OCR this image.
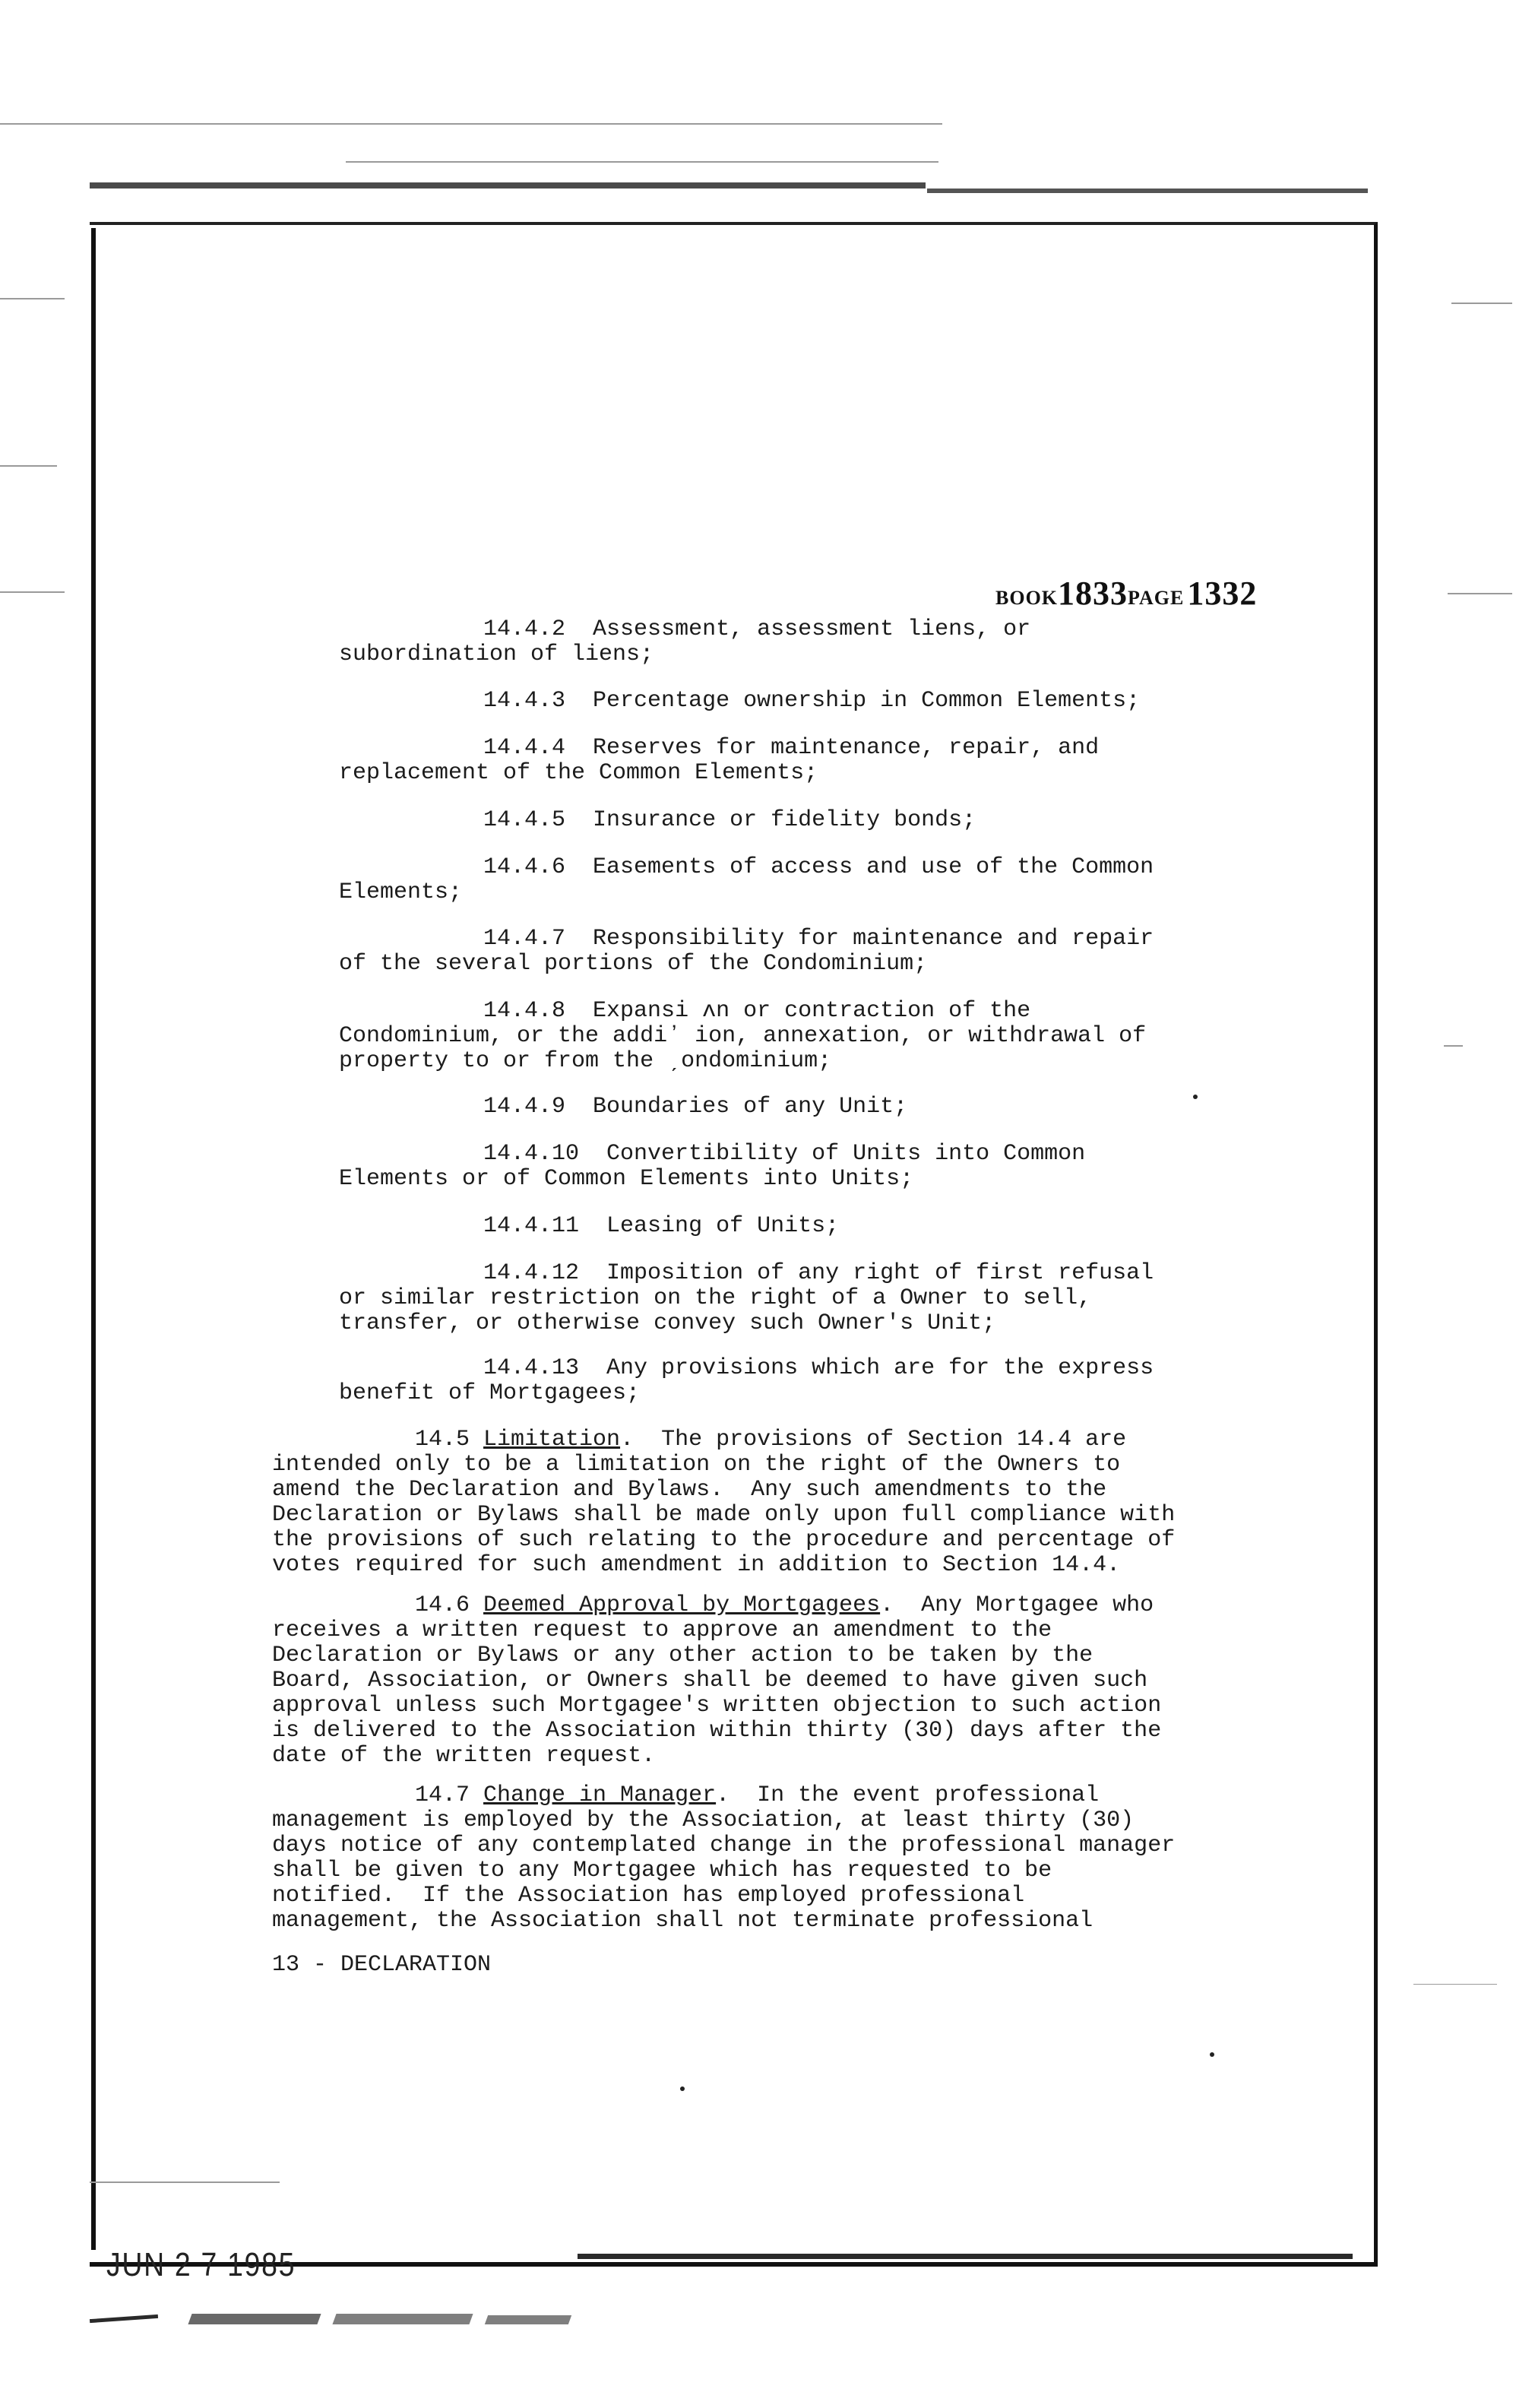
BOOK1833PAGE 1332
14.4.2 Assessment, assessment liens, or
subordination of liens;
14.4.3 Percentage ownership in Common Elements;
14.4.4 Reserves for maintenance, repair, and
replacement of the Common Elements;
14.4.5 Insurance or fidelity bonds;
14.4.6 Easements of access and use of the Common
Elements;
14.4.7 Responsibility for maintenance and repair
of the several portions of the Condominium;
14.4.8 Expansi ʌn or contraction of the
Condominium, or the addiʼ ion, annexation, or withdrawal of
property to or from the ˏondominium;
14.4.9 Boundaries of any Unit;
14.4.10 Convertibility of Units into Common
Elements or of Common Elements into Units;
14.4.11 Leasing of Units;
14.4.12 Imposition of any right of first refusal
or similar restriction on the right of a Owner to sell,
transfer, or otherwise convey such Owner's Unit;
14.4.13 Any provisions which are for the express
benefit of Mortgagees;
14.5 Limitation.  The provisions of Section 14.4 are
intended only to be a limitation on the right of the Owners to
amend the Declaration and Bylaws.  Any such amendments to the
Declaration or Bylaws shall be made only upon full compliance with
the provisions of such relating to the procedure and percentage of
votes required for such amendment in addition to Section 14.4.
14.6 Deemed Approval by Mortgagees.  Any Mortgagee who
receives a written request to approve an amendment to the
Declaration or Bylaws or any other action to be taken by the
Board, Association, or Owners shall be deemed to have given such
approval unless such Mortgagee's written objection to such action
is delivered to the Association within thirty (30) days after the
date of the written request.
14.7 Change in Manager.  In the event professional
management is employed by the Association, at least thirty (30)
days notice of any contemplated change in the professional manager
shall be given to any Mortgagee which has requested to be
notified.  If the Association has employed professional
management, the Association shall not terminate professional
13 - DECLARATION
JUN 2 7 1985
